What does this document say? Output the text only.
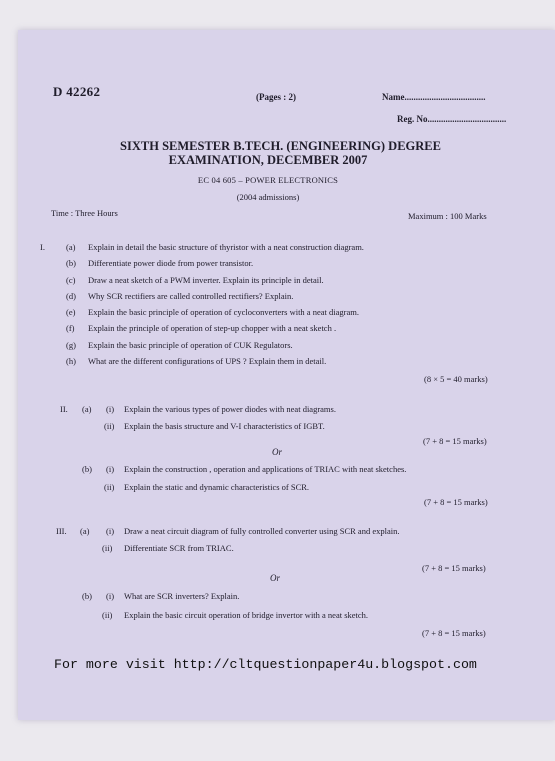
D 42262	(Pages : 2)	Name....................................
Reg. No...................................
SIXTH SEMESTER B.TECH. (ENGINEERING) DEGREE
EXAMINATION, DECEMBER 2007
EC 04 605 – POWER ELECTRONICS
(2004 admissions)
Time : Three Hours	Maximum : 100 Marks
I. (a) Explain in detail the basic structure of thyristor with a neat construction diagram.
(b) Differentiate power diode from power transistor.
(c) Draw a neat sketch of a PWM inverter. Explain its principle in detail.
(d) Why SCR rectifiers are called controlled rectifiers? Explain.
(e) Explain the basic principle of operation of cycloconverters with a neat diagram.
(f) Explain the principle of operation of step-up chopper with a neat sketch .
(g) Explain the basic principle of operation of CUK Regulators.
(h) What are the different configurations of UPS ? Explain them in detail.
(8 × 5 = 40 marks)
II. (a) (i) Explain the various types of power diodes with neat diagrams.
(ii) Explain the basis structure and V-I characteristics of IGBT.
(7 + 8 = 15 marks)
Or
(b) (i) Explain the construction , operation and applications of TRIAC with neat sketches.
(ii) Explain the static and dynamic characteristics of SCR.
(7 + 8 = 15 marks)
III. (a) (i) Draw a neat circuit diagram of fully controlled converter using SCR and explain.
(ii) Differentiate SCR from TRIAC.
(7 + 8 = 15 marks)
Or
(b) (i) What are SCR inverters? Explain.
(ii) Explain the basic circuit operation of bridge invertor with a neat sketch.
(7 + 8 = 15 marks)
For more visit http://cltquestionpaper4u.blogspot.com
